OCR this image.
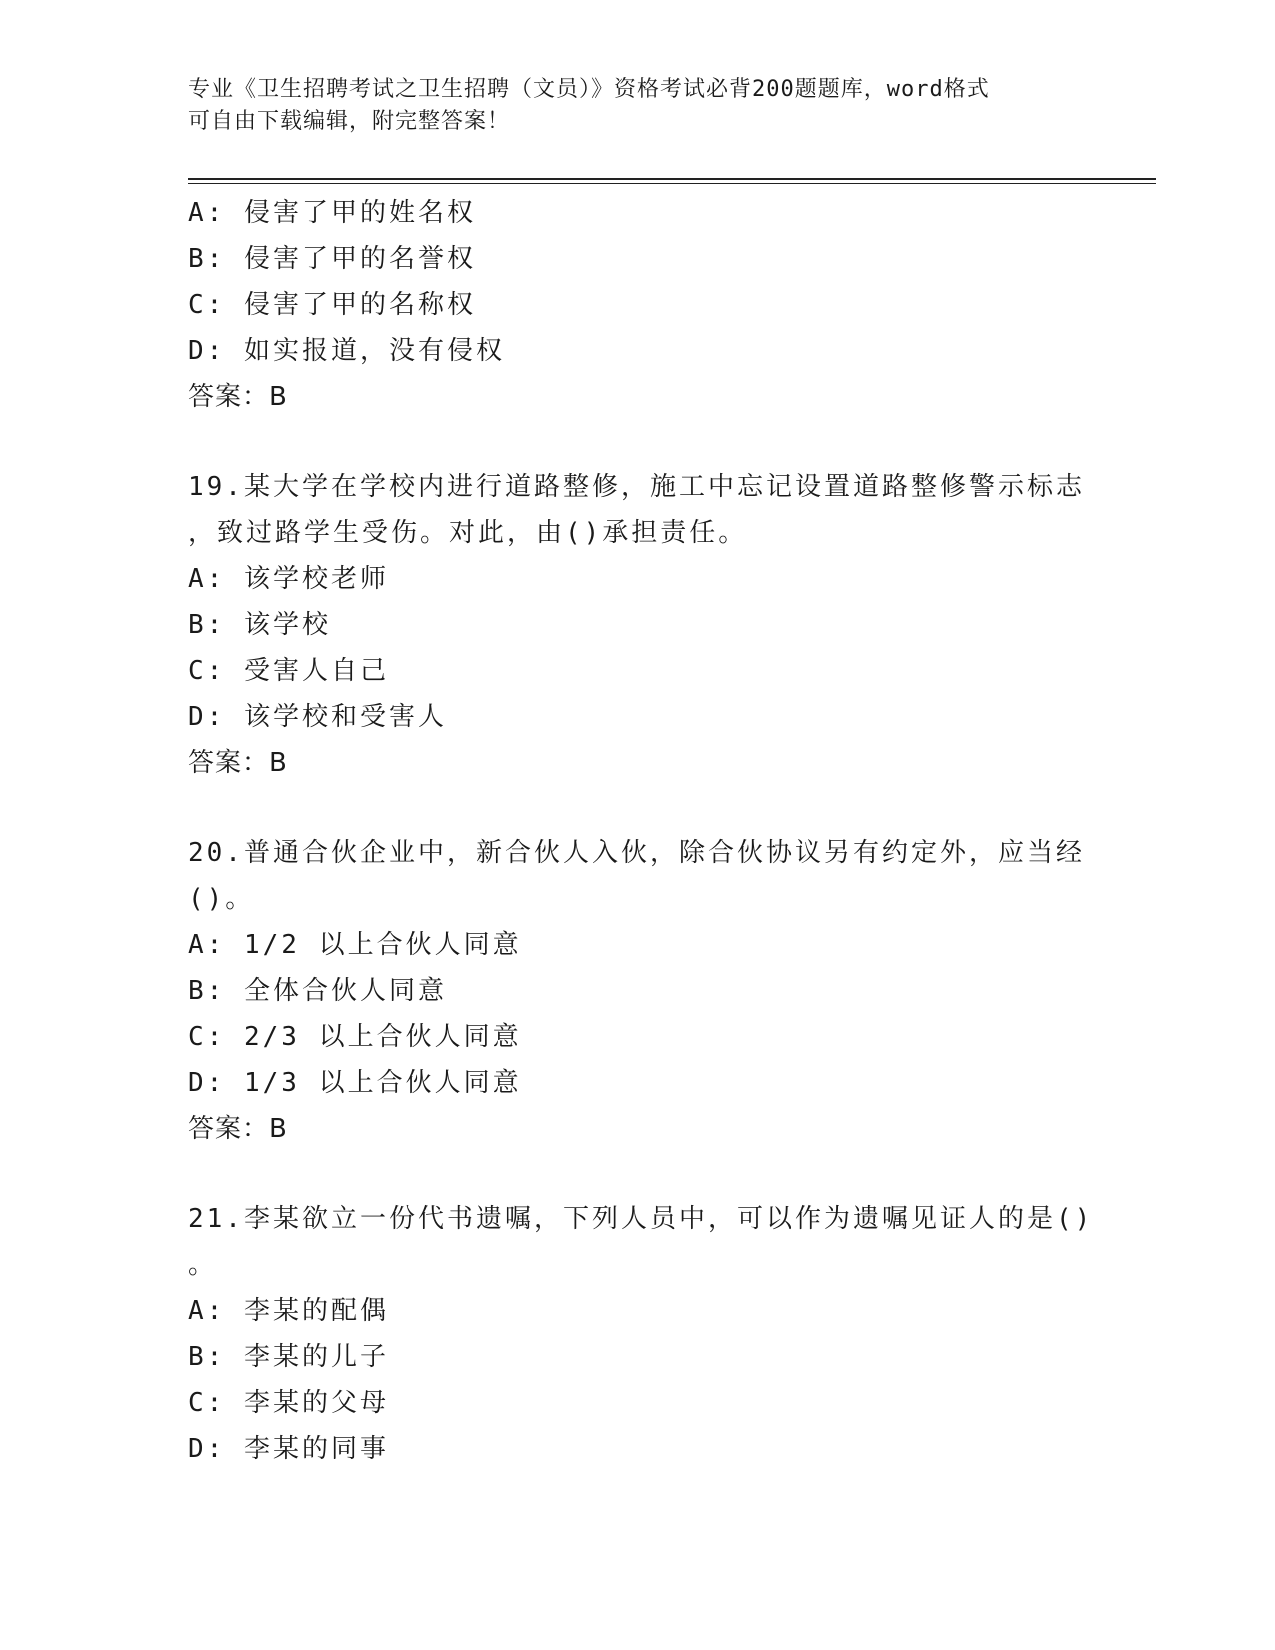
专业《卫生招聘考试之卫生招聘（文员）》资格考试必背200题题库，word格式
可自由下载编辑，附完整答案！
A: 侵害了甲的姓名权
B: 侵害了甲的名誉权
C: 侵害了甲的名称权
D: 如实报道，没有侵权
答案：B
19.某大学在学校内进行道路整修，施工中忘记设置道路整修警示标志
，致过路学生受伤。对此，由()承担责任。
A: 该学校老师
B: 该学校
C: 受害人自己
D: 该学校和受害人
答案：B
20.普通合伙企业中，新合伙人入伙，除合伙协议另有约定外，应当经
()。
A: 1/2 以上合伙人同意
B: 全体合伙人同意
C: 2/3 以上合伙人同意
D: 1/3 以上合伙人同意
答案：B
21.李某欲立一份代书遗嘱，下列人员中，可以作为遗嘱见证人的是()
。
A: 李某的配偶
B: 李某的儿子
C: 李某的父母
D: 李某的同事
